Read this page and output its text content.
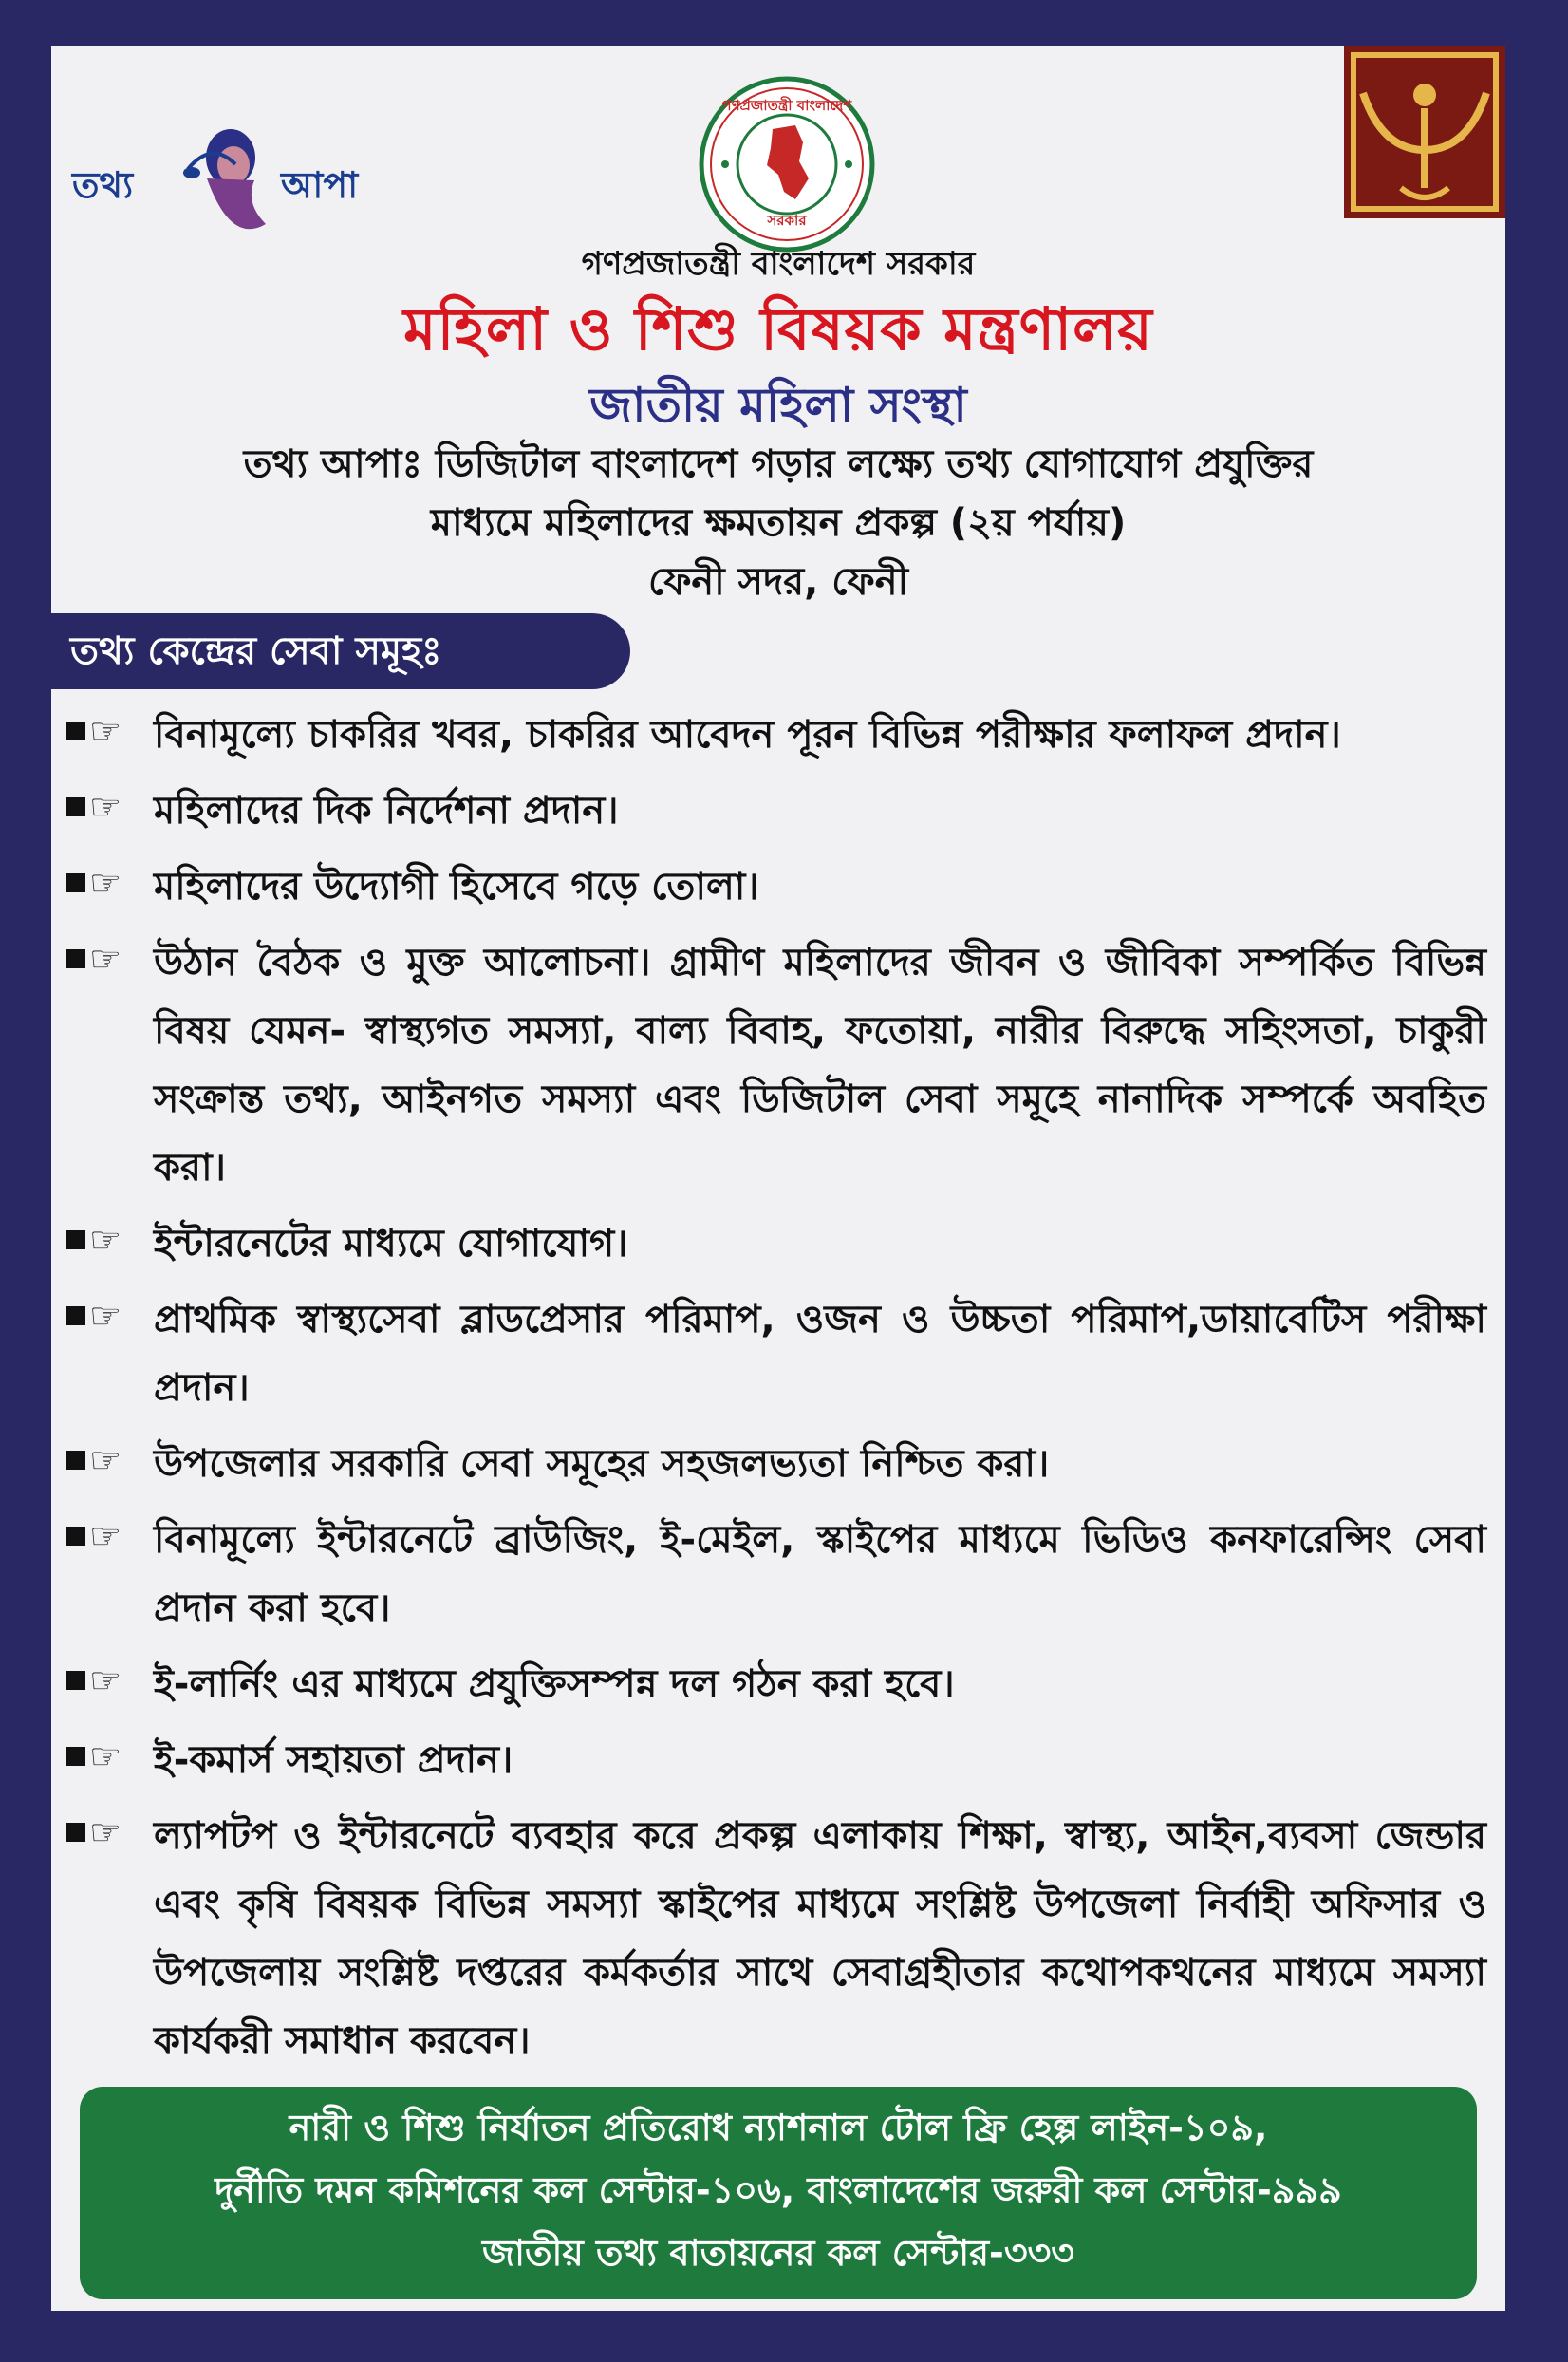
তথ্য	আপা
গণপ্রজাতন্ত্রী বাংলাদেশ
সরকার
গণপ্রজাতন্ত্রী বাংলাদেশ সরকার
মহিলা ও শিশু বিষয়ক মন্ত্রণালয়
জাতীয় মহিলা সংস্থা
তথ্য আপাঃ ডিজিটাল বাংলাদেশ গড়ার লক্ষ্যে তথ্য যোগাযোগ প্রযুক্তির
মাধ্যমে মহিলাদের ক্ষমতায়ন প্রকল্প (২য় পর্যায়)
ফেনী সদর, ফেনী
তথ্য কেন্দ্রের সেবা সমূহঃ
☞ বিনামূল্যে চাকরির খবর, চাকরির আবেদন পূরন বিভিন্ন পরীক্ষার ফলাফল প্রদান।
☞ মহিলাদের দিক নির্দেশনা প্রদান।
☞ মহিলাদের উদ্যোগী হিসেবে গড়ে তোলা।
☞ উঠান বৈঠক ও মুক্ত আলোচনা। গ্রামীণ মহিলাদের জীবন ও জীবিকা সম্পর্কিত বিভিন্ন বিষয় যেমন- স্বাস্থ্যগত সমস্যা, বাল্য বিবাহ, ফতোয়া, নারীর বিরুদ্ধে সহিংসতা, চাকুরী সংক্রান্ত তথ্য, আইনগত সমস্যা এবং ডিজিটাল সেবা সমূহে নানাদিক সম্পর্কে অবহিত করা।
☞ ইন্টারনেটের মাধ্যমে যোগাযোগ।
☞ প্রাথমিক স্বাস্থ্যসেবা ব্লাডপ্রেসার পরিমাপ, ওজন ও উচ্চতা পরিমাপ,ডায়াবেটিস পরীক্ষা প্রদান।
☞ উপজেলার সরকারি সেবা সমূহের সহজলভ্যতা নিশ্চিত করা।
☞ বিনামূল্যে ইন্টারনেটে ব্রাউজিং, ই-মেইল, স্কাইপের মাধ্যমে ভিডিও কনফারেন্সিং সেবা প্রদান করা হবে।
☞ ই-লার্নিং এর মাধ্যমে প্রযুক্তিসম্পন্ন দল গঠন করা হবে।
☞ ই-কমার্স সহায়তা প্রদান।
☞ ল্যাপটপ ও ইন্টারনেটে ব্যবহার করে প্রকল্প এলাকায় শিক্ষা, স্বাস্থ্য, আইন,ব্যবসা জেন্ডার এবং কৃষি বিষয়ক বিভিন্ন সমস্যা স্কাইপের মাধ্যমে সংশ্লিষ্ট উপজেলা নির্বাহী অফিসার ও উপজেলায় সংশ্লিষ্ট দপ্তরের কর্মকর্তার সাথে সেবাগ্রহীতার কথোপকথনের মাধ্যমে সমস্যা কার্যকরী সমাধান করবেন।
নারী ও শিশু নির্যাতন প্রতিরোধ ন্যাশনাল টোল ফ্রি হেল্প লাইন-১০৯,
দুর্নীতি দমন কমিশনের কল সেন্টার-১০৬, বাংলাদেশের জরুরী কল সেন্টার-৯৯৯
জাতীয় তথ্য বাতায়নের কল সেন্টার-৩৩৩
